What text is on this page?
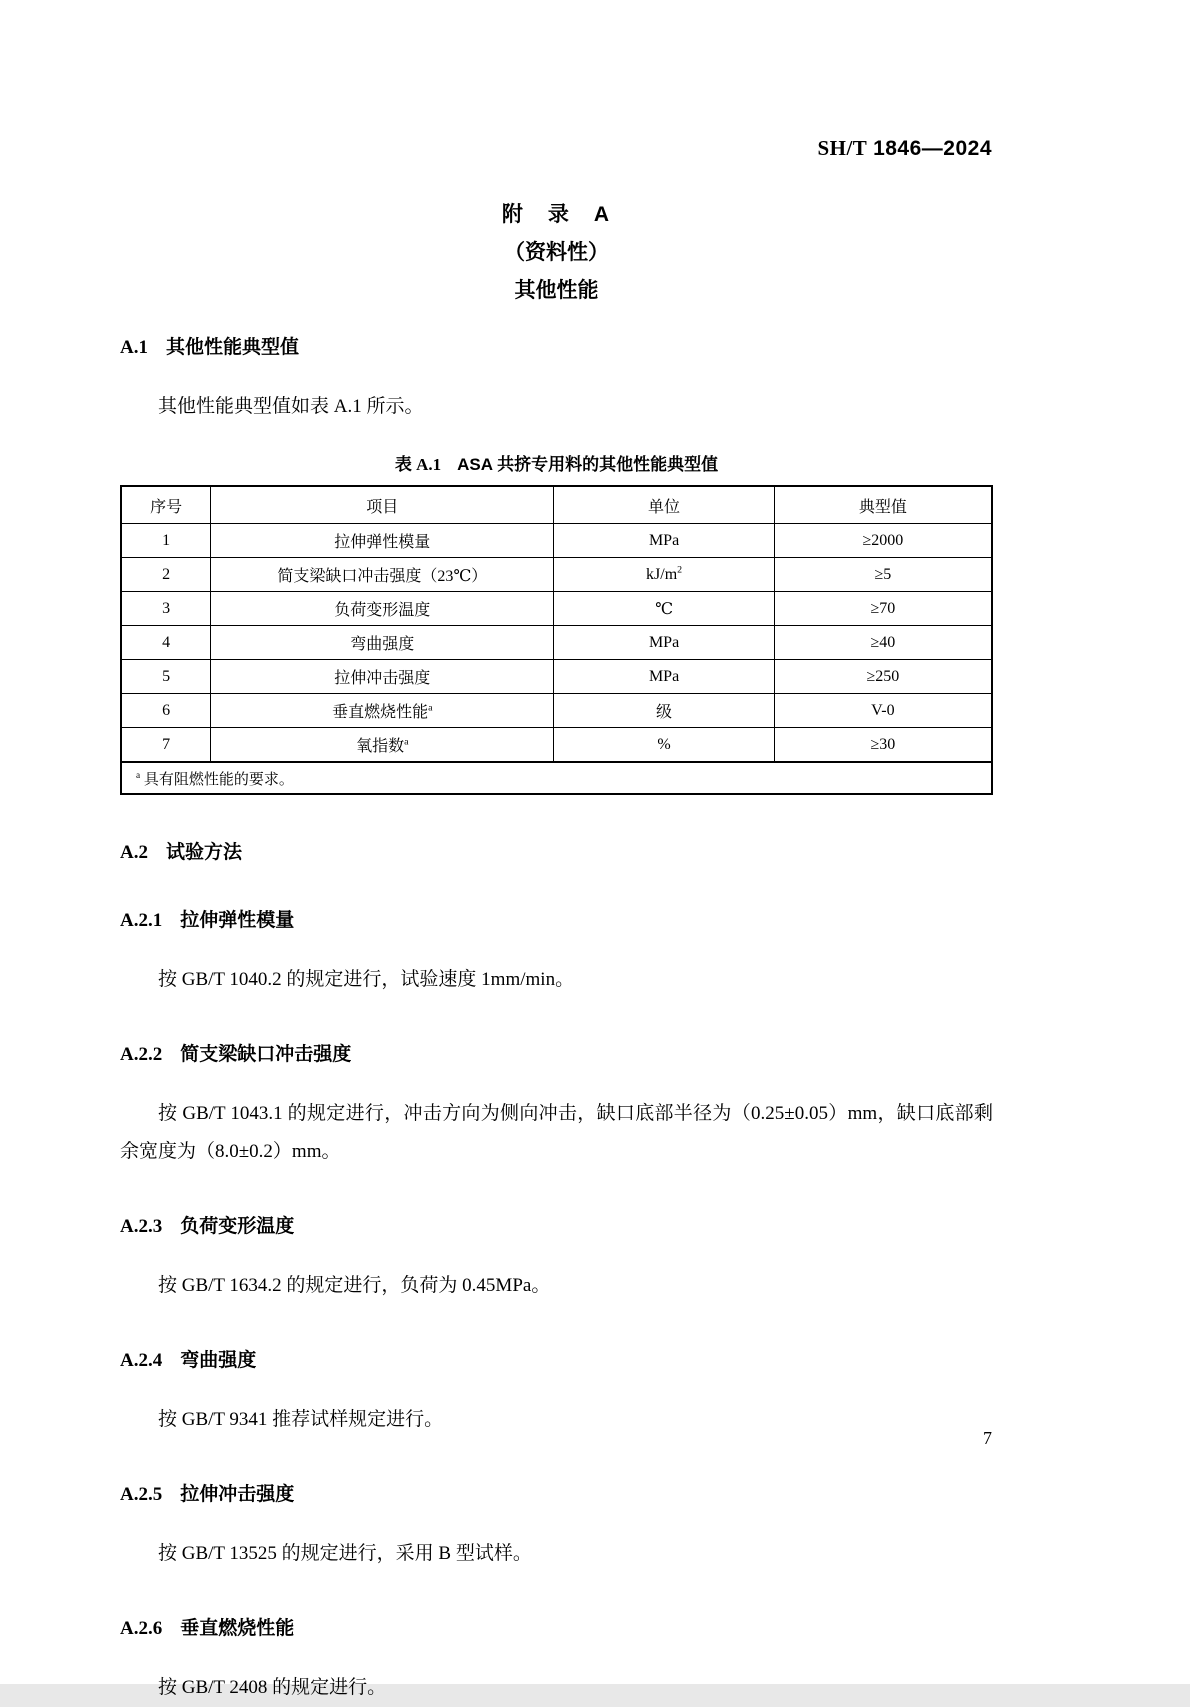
SH/T 1846—2024
附　录　A
（资料性）
其他性能
A.1 其他性能典型值

其他性能典型值如表 A.1 所示。

表 A.1 ASA 共挤专用料的其他性能典型值
序号	项目	单位	典型值
1	拉伸弹性模量	MPa	≥2000
2	简支梁缺口冲击强度（23℃）	$kJ/m^2$	≥5
3	负荷变形温度	℃	≥70
4	弯曲强度	MPa	≥40
5	拉伸冲击强度	MPa	≥250
6	垂直燃烧性能$^a$	级	V-0
7	氧指数$^a$	%	≥30
$^a$ 具有阻燃性能的要求。			
A.2 试验方法
A.2.1 拉伸弹性模量

按 GB/T 1040.2 的规定进行，试验速度 1mm/min。

A.2.2 简支梁缺口冲击强度

按 GB/T 1043.1 的规定进行，冲击方向为侧向冲击，缺口底部半径为（0.25±0.05）mm，缺口底部剩余宽度为（8.0±0.2）mm。

A.2.3 负荷变形温度

按 GB/T 1634.2 的规定进行，负荷为 0.45MPa。

A.2.4 弯曲强度

按 GB/T 9341 推荐试样规定进行。

A.2.5 拉伸冲击强度

按 GB/T 13525 的规定进行，采用 B 型试样。

A.2.6 垂直燃烧性能

按 GB/T 2408 的规定进行。

7
